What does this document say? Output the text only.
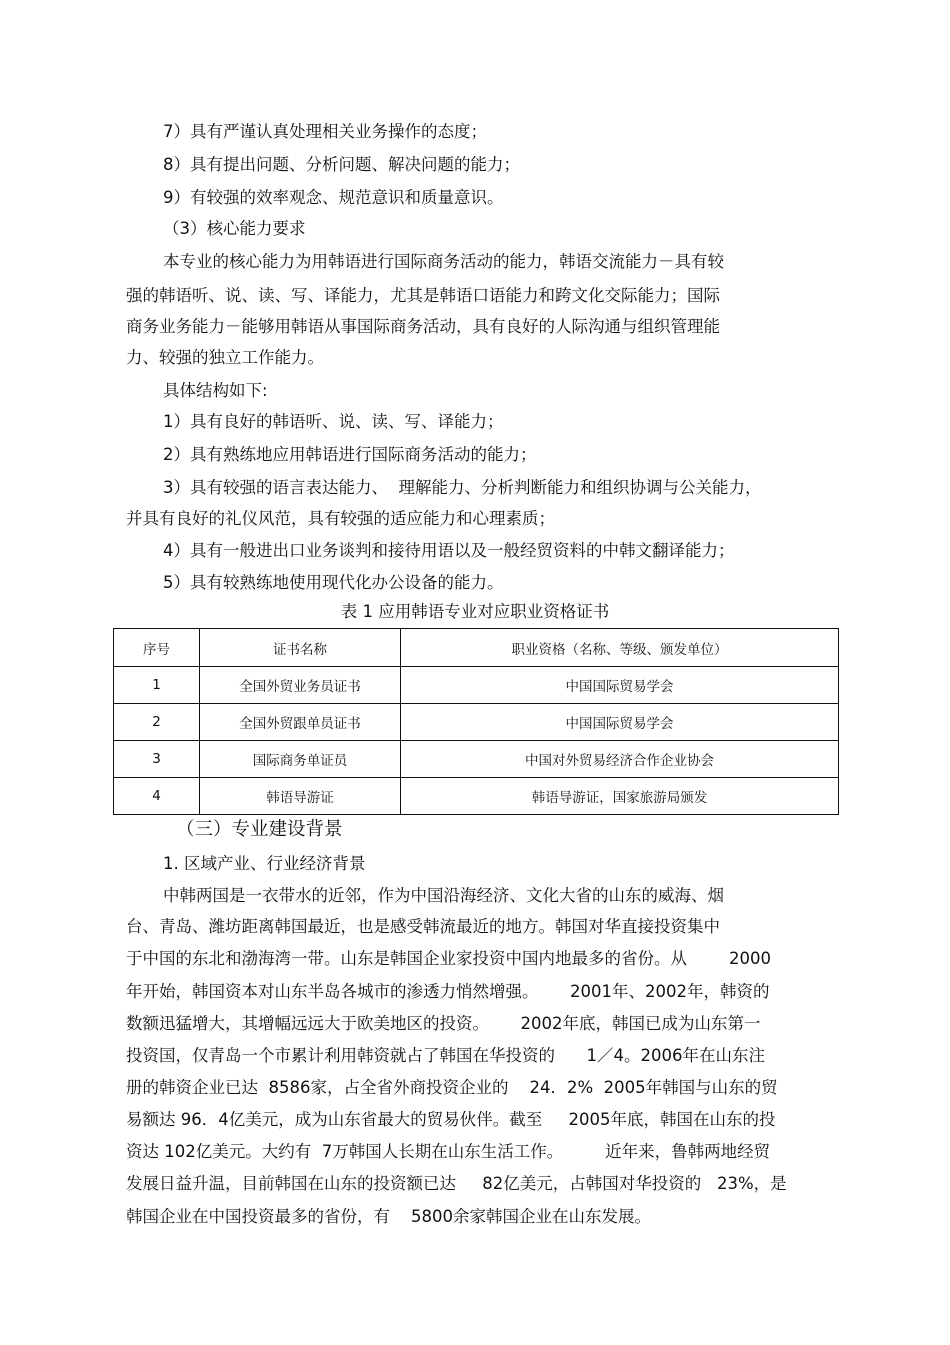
7）具有严谨认真处理相关业务操作的态度；
8）具有提出问题、分析问题、解决问题的能力；
9）有较强的效率观念、规范意识和质量意识。
（3）核心能力要求
本专业的核心能力为用韩语进行国际商务活动的能力，韩语交流能力－具有较
强的韩语听、说、读、写、译能力，尤其是韩语口语能力和跨文化交际能力；国际
商务业务能力－能够用韩语从事国际商务活动，具有良好的人际沟通与组织管理能
力、较强的独立工作能力。
具体结构如下:
1）具有良好的韩语听、说、读、写、译能力；
2）具有熟练地应用韩语进行国际商务活动的能力；
3）具有较强的语言表达能力、  理解能力、分析判断能力和组织协调与公关能力，
并具有良好的礼仪风范，具有较强的适应能力和心理素质；
4）具有一般进出口业务谈判和接待用语以及一般经贸资料的中韩文翻译能力；
5）具有较熟练地使用现代化办公设备的能力。
表 1 应用韩语专业对应职业资格证书
序号	证书名称	职业资格（名称、等级、颁发单位）
1	全国外贸业务员证书	中国国际贸易学会
2	全国外贸跟单员证书	中国国际贸易学会
3	国际商务单证员	中国对外贸易经济合作企业协会
4	韩语导游证	韩语导游证，国家旅游局颁发
（三）专业建设背景
1. 区域产业、行业经济背景
中韩两国是一衣带水的近邻，作为中国沿海经济、文化大省的山东的威海、烟
台、青岛、潍坊距离韩国最近，也是感受韩流最近的地方。韩国对华直接投资集中
于中国的东北和渤海湾一带。山东是韩国企业家投资中国内地最多的省份。从        2000
年开始，韩国资本对山东半岛各城市的渗透力悄然增强。      2001年、2002年，韩资的
数额迅猛增大，其增幅远远大于欧美地区的投资。      2002年底，韩国已成为山东第一
投资国，仅青岛一个市累计利用韩资就占了韩国在华投资的      1／4。2006年在山东注
册的韩资企业已达  8586家，占全省外商投资企业的    24．2%  2005年韩国与山东的贸
易额达 96．4亿美元，成为山东省最大的贸易伙伴。截至     2005年底，韩国在山东的投
资达 102亿美元。大约有  7万韩国人长期在山东生活工作。        近年来，鲁韩两地经贸
发展日益升温，目前韩国在山东的投资额已达     82亿美元，占韩国对华投资的   23%，是
韩国企业在中国投资最多的省份，有    5800余家韩国企业在山东发展。
